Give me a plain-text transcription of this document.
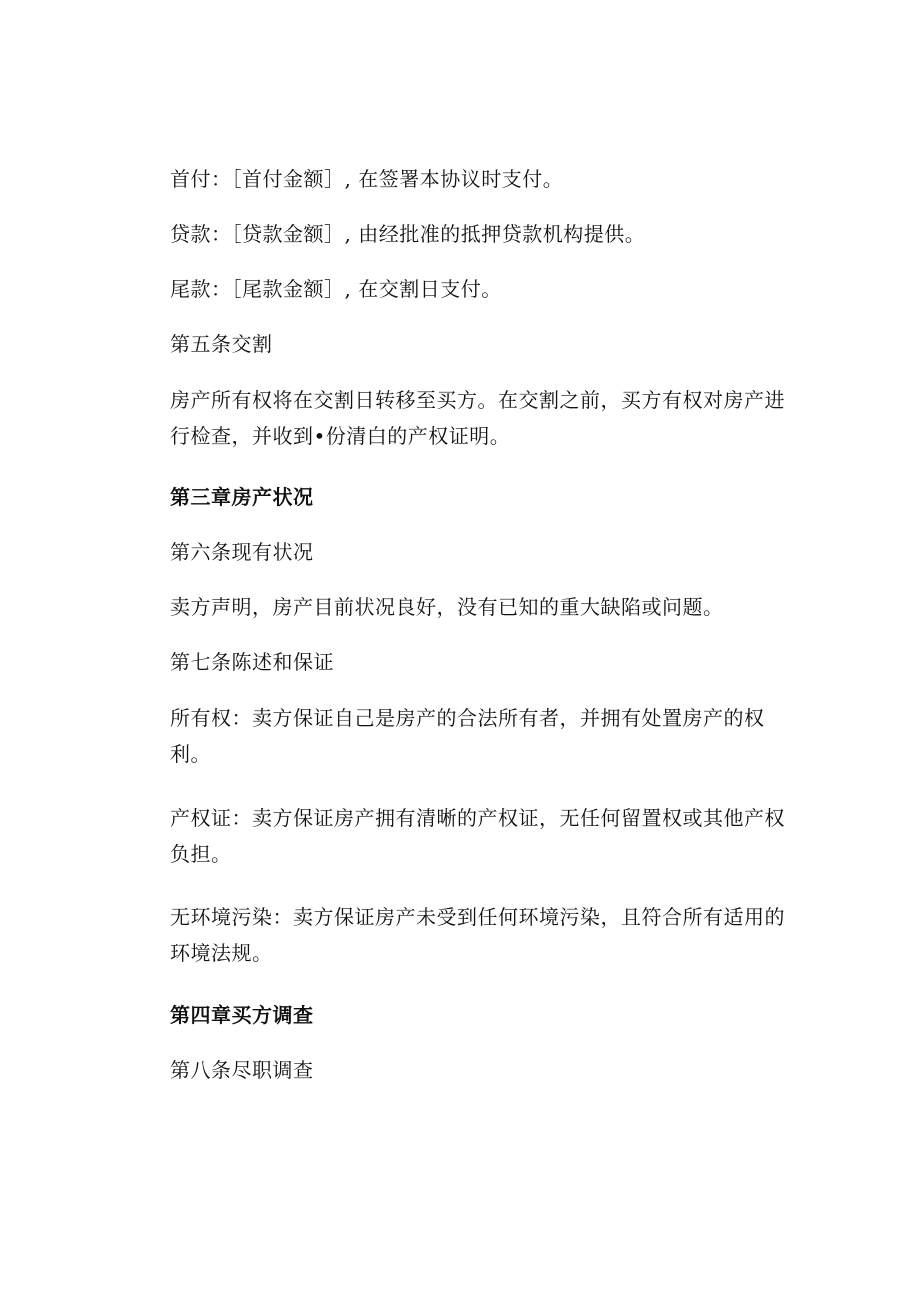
首付：［首付金额］, 在签署本协议时支付。

贷款：［贷款金额］, 由经批准的抵押贷款机构提供。

尾款：［尾款金额］, 在交割日支付。

第五条交割

房产所有权将在交割日转移至买方。在交割之前，买方有权对房产进行检查，并收到•份清白的产权证明。

第三章房产状况

第六条现有状况

卖方声明，房产目前状况良好，没有已知的重大缺陷或问题。

第七条陈述和保证

所有权：卖方保证自己是房产的合法所有者，并拥有处置房产的权利。

产权证：卖方保证房产拥有清晰的产权证，无任何留置权或其他产权负担。

无环境污染：卖方保证房产未受到任何环境污染，且符合所有适用的环境法规。

第四章买方调查

第八条尽职调查
